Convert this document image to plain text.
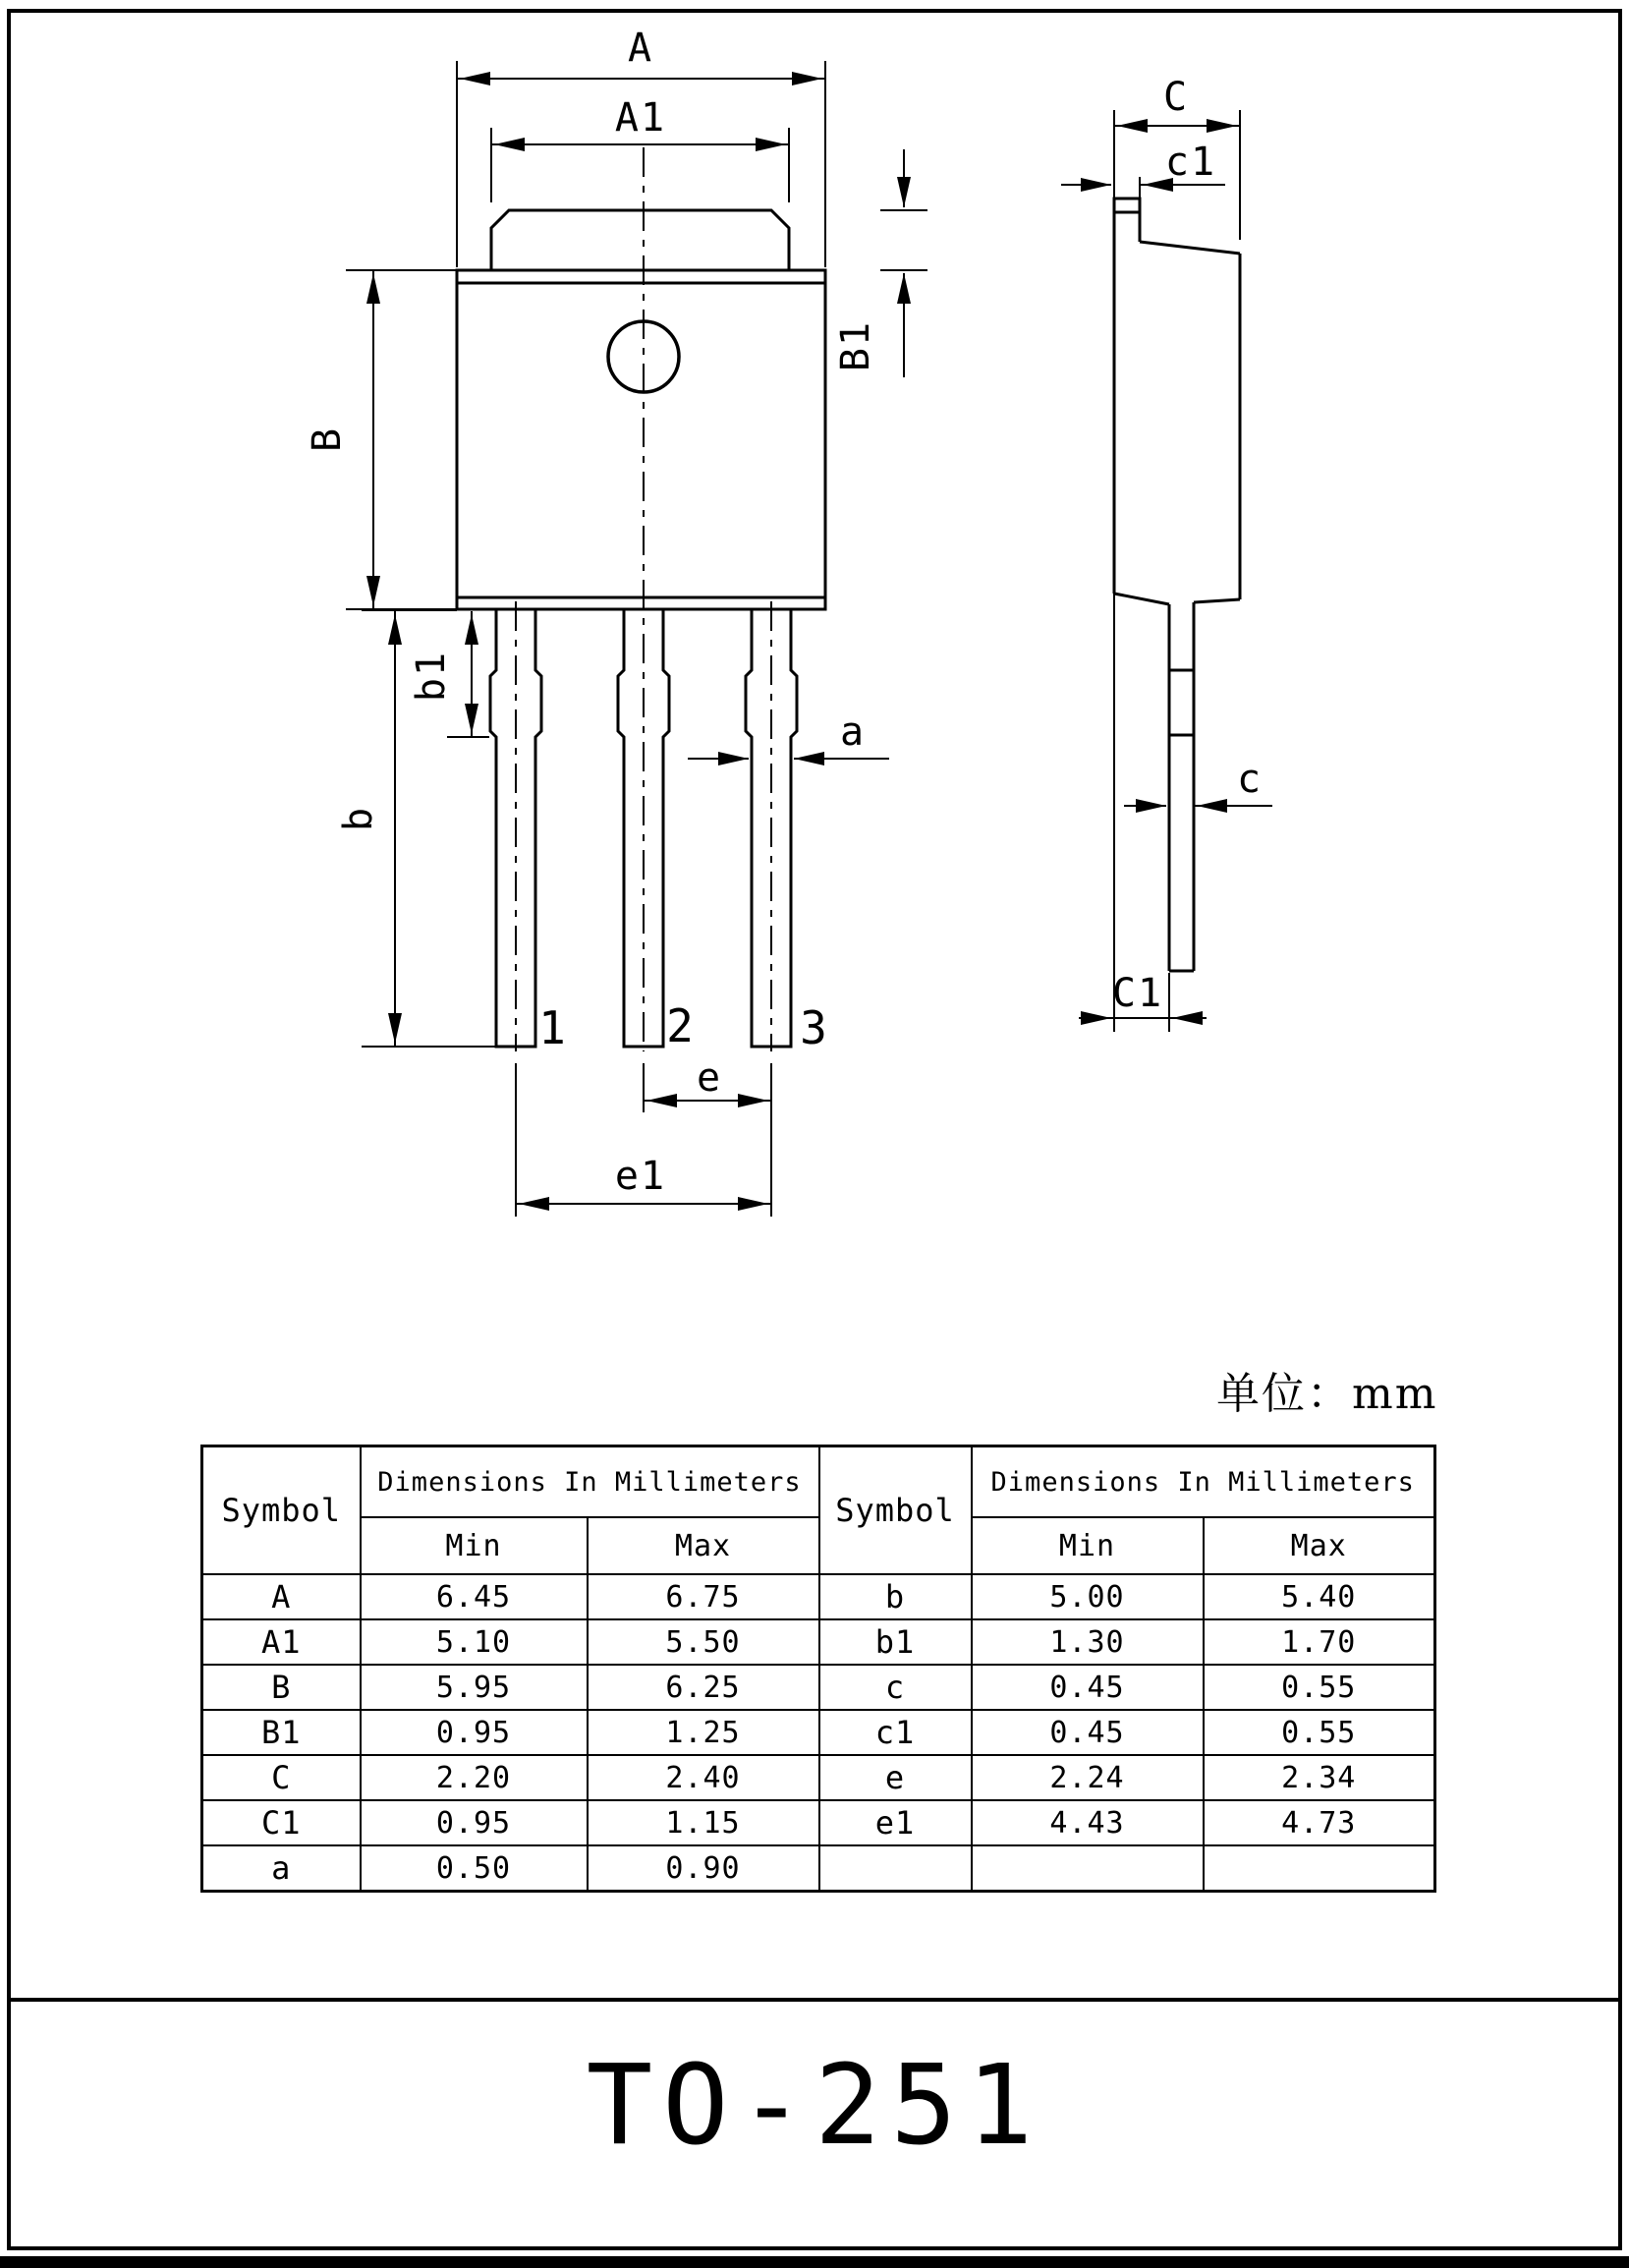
A
A1
B
B1
b
b1
a
e
e1
1 2 3
C
c1
c
C1
单位：mm
Symbol	Dimensions In Millimeters		Symbol	Dimensions In Millimeters	
	Min	Max		Min	Max
A	6.45	6.75	b	5.00	5.40
A1	5.10	5.50	b1	1.30	1.70
B	5.95	6.25	c	0.45	0.55
B1	0.95	1.25	c1	0.45	0.55
C	2.20	2.40	e	2.24	2.34
C1	0.95	1.15	e1	4.43	4.73
a	0.50	0.90			
TO-251
